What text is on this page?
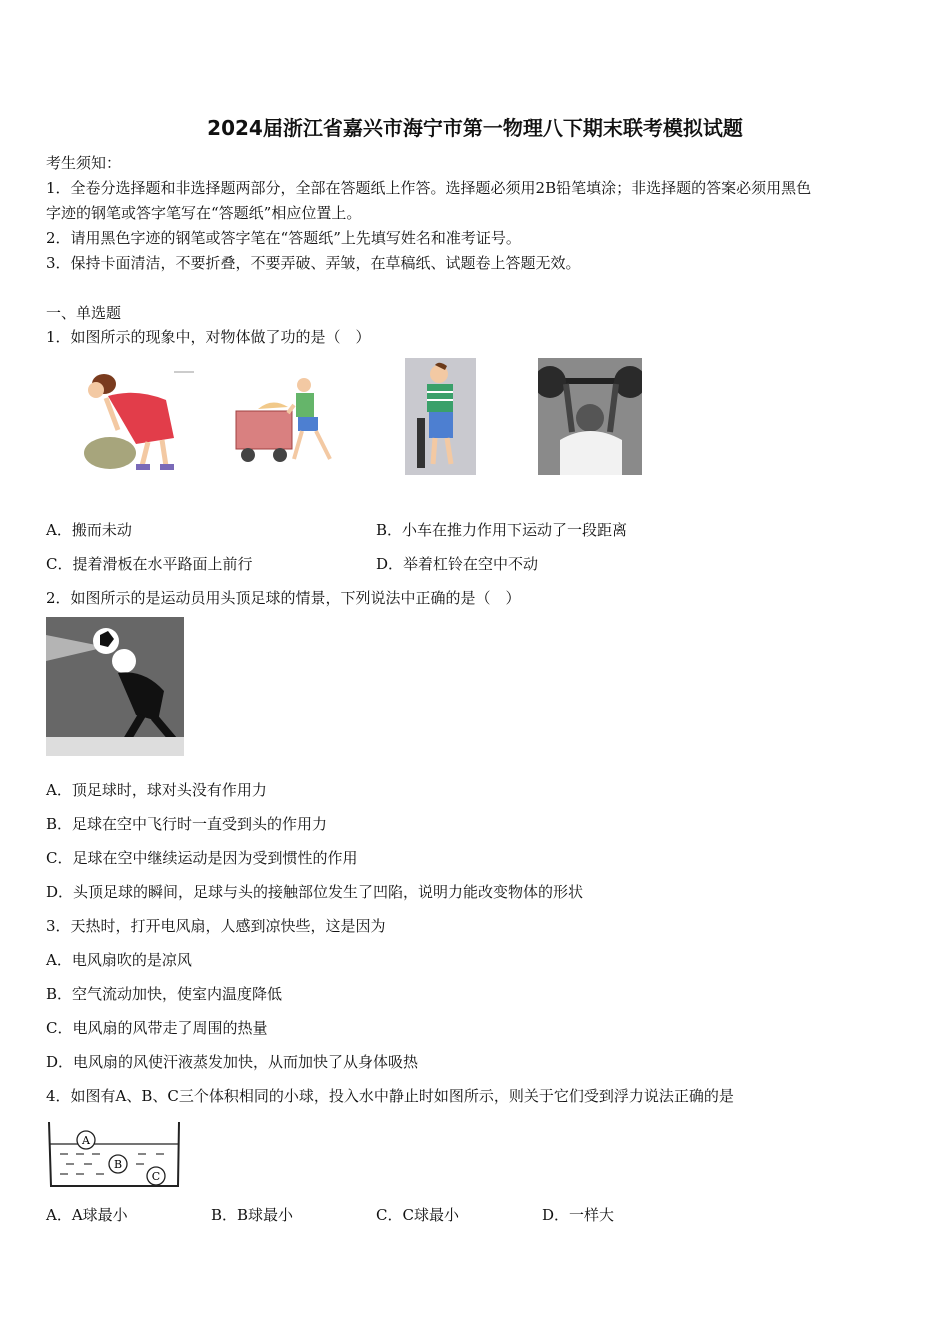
2024届浙江省嘉兴市海宁市第一物理八下期末联考模拟试题
考生须知：
1．全卷分选择题和非选择题两部分，全部在答题纸上作答。选择题必须用2B铅笔填涂；非选择题的答案必须用黑色
字迹的钢笔或答字笔写在“答题纸”相应位置上。
2．请用黑色字迹的钢笔或答字笔在“答题纸”上先填写姓名和准考证号。
3．保持卡面清洁，不要折叠，不要弄破、弄皱，在草稿纸、试题卷上答题无效。
一、单选题
1．如图所示的现象中，对物体做了功的是（　）
A．搬而未动	B．小车在推力作用下运动了一段距离
C．提着滑板在水平路面上前行	D．举着杠铃在空中不动
2．如图所示的是运动员用头顶足球的情景，下列说法中正确的是（　）
A．顶足球时，球对头没有作用力
B．足球在空中飞行时一直受到头的作用力
C．足球在空中继续运动是因为受到惯性的作用
D．头顶足球的瞬间，足球与头的接触部位发生了凹陷，说明力能改变物体的形状
3．天热时，打开电风扇，人感到凉快些，这是因为
A．电风扇吹的是凉风
B．空气流动加快，使室内温度降低
C．电风扇的风带走了周围的热量
D．电风扇的风使汗液蒸发加快，从而加快了从身体吸热
4．如图有A、B、C三个体积相同的小球，投入水中静止时如图所示，则关于它们受到浮力说法正确的是
A
B
C
A．A球最小	B．B球最小	C．C球最小	D．一样大
